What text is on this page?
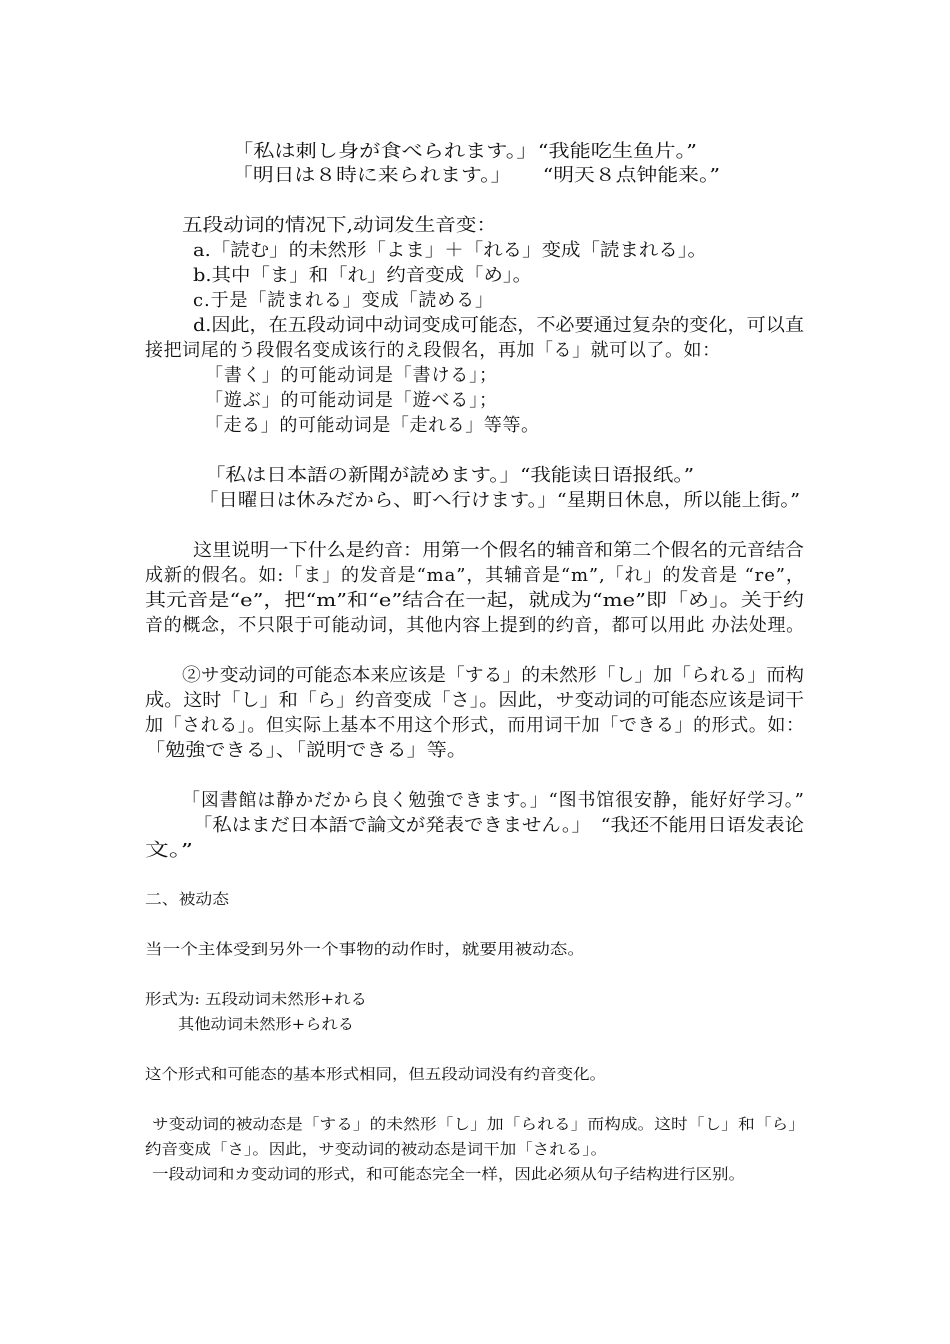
「私は刺し身が食べられます。」“我能吃生鱼片。”
「明日は８時に来られます。」　　“明天８点钟能来。”
五段动词的情况下,动词发生音变：
a.「読む」的未然形「よま」＋「れる」变成「読まれる」。
b.其中「ま」和「れ」约音变成「め」。
c.于是「読まれる」变成「読める」
d.因此，在五段动词中动词变成可能态，不必要通过复杂的变化，可以直
接把词尾的う段假名变成该行的え段假名，再加「る」就可以了。如：
「書く」的可能动词是「書ける」；
「遊ぶ」的可能动词是「遊べる」；
「走る」的可能动词是「走れる」等等。
「私は日本語の新聞が読めます。」“我能读日语报纸。”
「日曜日は休みだから、町へ行けます。」“星期日休息，所以能上街。”
这里说明一下什么是约音：用第一个假名的辅音和第二个假名的元音结合
成新的假名。如:「ま」的发音是“ma”，其辅音是“m”,「れ」的发音是 “re”，
其元音是“e”，把“m”和“e”结合在一起，就成为“me”即「め」。关于约
音的概念，不只限于可能动词，其他内容上提到的约音，都可以用此 办法处理。
②サ变动词的可能态本来应该是「する」的未然形「し」加「られる」而构
成。这时「し」和「ら」约音变成「さ」。因此，サ变动词的可能态应该是词干
加「される」。但实际上基本不用这个形式，而用词干加「できる」的形式。如：
「勉強できる」、「説明できる」等。
「図書館は静かだから良く勉強できます。」“图书馆很安静，能好好学习。”
「私はまだ日本語で論文が発表できません。」　“我还不能用日语发表论
文。”
二、被动态
当一个主体受到另外一个事物的动作时，就要用被动态。
形式为: 五段动词未然形+れる
其他动词未然形+られる
这个形式和可能态的基本形式相同，但五段动词没有约音变化。
サ变动词的被动态是「する」的未然形「し」加「られる」而构成。这时「し」和「ら」
约音变成「さ」。因此，サ变动词的被动态是词干加「される」。
一段动词和カ变动词的形式，和可能态完全一样，因此必须从句子结构进行区别。
